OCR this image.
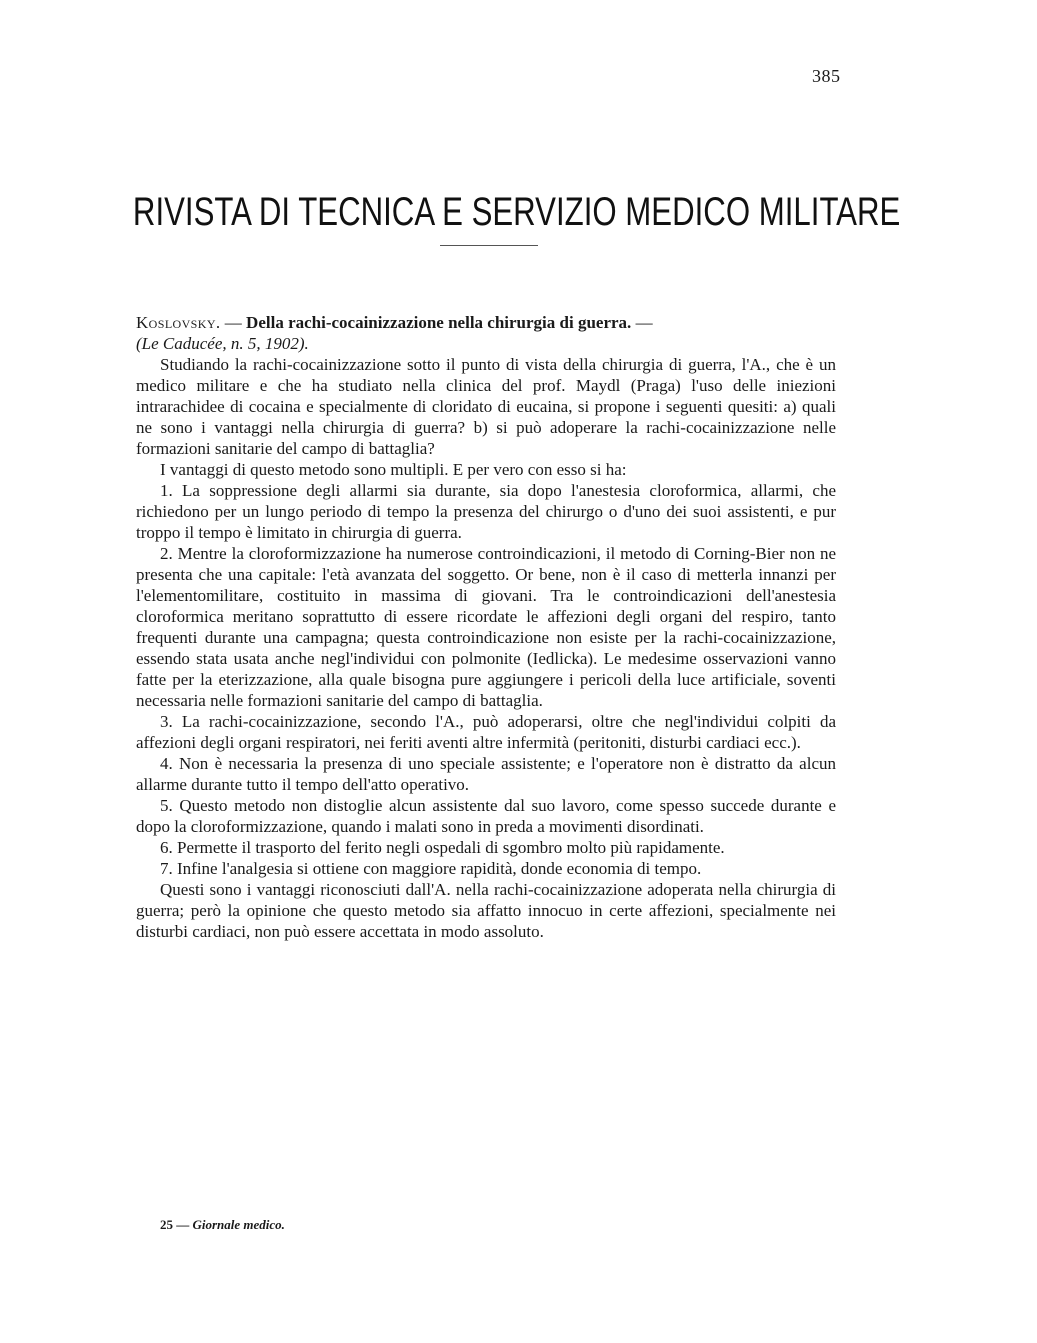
385
RIVISTA DI TECNICA E SERVIZIO MEDICO MILITARE

Koslovsky. — Della rachi-cocainizzazione nella chirurgia di guerra. —
(Le Caducée, n. 5, 1902).

Studiando la rachi-cocainizzazione sotto il punto di vista della chirurgia di guerra, l'A., che è un medico militare e che ha studiato nella clinica del prof. Maydl (Praga) l'uso delle iniezioni intrarachidee di cocaina e specialmente di cloridato di eucaina, si propone i seguenti quesiti: a) quali ne sono i vantaggi nella chirurgia di guerra? b) si può adoperare la rachi-cocainizzazione nelle formazioni sanitarie del campo di battaglia?

I vantaggi di questo metodo sono multipli. E per vero con esso si ha:

1. La soppressione degli allarmi sia durante, sia dopo l'anestesia cloroformica, allarmi, che richiedono per un lungo periodo di tempo la presenza del chirurgo o d'uno dei suoi assistenti, e pur troppo il tempo è limitato in chirurgia di guerra.

2. Mentre la cloroformizzazione ha numerose controindicazioni, il metodo di Corning-Bier non ne presenta che una capitale: l'età avanzata del soggetto. Or bene, non è il caso di metterla innanzi per l'elementomilitare, costituito in massima di giovani. Tra le controindicazioni dell'anestesia cloroformica meritano soprattutto di essere ricordate le affezioni degli organi del respiro, tanto frequenti durante una campagna; questa controindicazione non esiste per la rachi-cocainizzazione, essendo stata usata anche negl'individui con polmonite (Iedlicka). Le medesime osservazioni vanno fatte per la eterizzazione, alla quale bisogna pure aggiungere i pericoli della luce artificiale, soventi necessaria nelle formazioni sanitarie del campo di battaglia.

3. La rachi-cocainizzazione, secondo l'A., può adoperarsi, oltre che negl'individui colpiti da affezioni degli organi respiratori, nei feriti aventi altre infermità (peritoniti, disturbi cardiaci ecc.).

4. Non è necessaria la presenza di uno speciale assistente; e l'operatore non è distratto da alcun allarme durante tutto il tempo dell'atto operativo.

5. Questo metodo non distoglie alcun assistente dal suo lavoro, come spesso succede durante e dopo la cloroformizzazione, quando i malati sono in preda a movimenti disordinati.

6. Permette il trasporto del ferito negli ospedali di sgombro molto più rapidamente.

7. Infine l'analgesia si ottiene con maggiore rapidità, donde economia di tempo.

Questi sono i vantaggi riconosciuti dall'A. nella rachi-cocainizzazione adoperata nella chirurgia di guerra; però la opinione che questo metodo sia affatto innocuo in certe affezioni, specialmente nei disturbi cardiaci, non può essere accettata in modo assoluto.

25 — Giornale medico.
